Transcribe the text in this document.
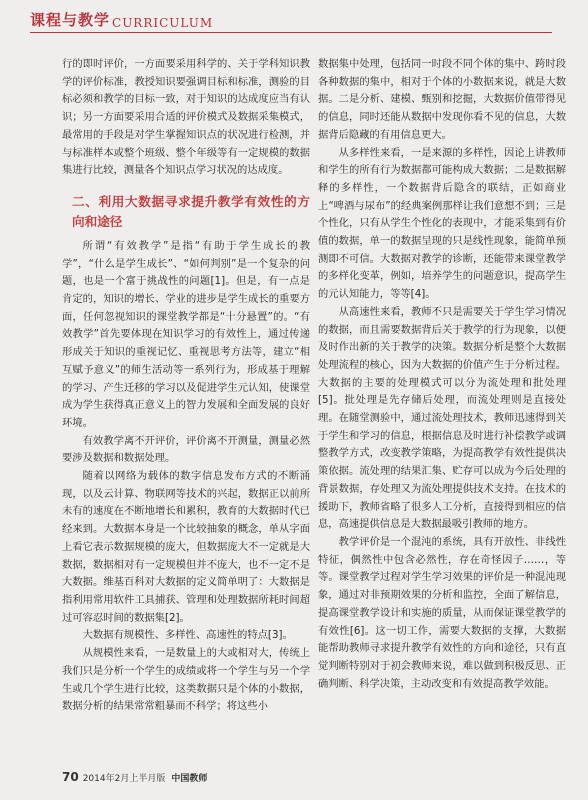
课程与教学 CURRICULUM

行的即时评价，一方面要采用科学的、关于学科知识教学的评价标准，教授知识要强调目标和标准，测验的目标必须和教学的目标一致，对于知识的达成度应当有认识；另一方面要采用合适的评价模式及数据采集模式，最常用的手段是对学生掌握知识点的状况进行检测，并与标准样本或整个班级、整个年级等有一定规模的数据集进行比较，测量各个知识点学习状况的达成度。

二、利用大数据寻求提升教学有效性的方向和途径

所谓“有效教学”是指“有助于学生成长的教学”，“什么是学生成长”、“如何判别”是一个复杂的问题，也是一个富于挑战性的问题[1]。但是，有一点是肯定的，知识的增长、学业的进步是学生成长的重要方面，任何忽视知识的课堂教学都是“十分悬置”的。“有效教学”首先要体现在知识学习的有效性上，通过传递形成关于知识的重视记忆、重视思考方法等，建立“相互赋予意义”的师生活动等一系列行为，形成基于理解的学习、产生迁移的学习以及促进学生元认知，使课堂成为学生获得真正意义上的智力发展和全面发展的良好环境。

有效教学离不开评价，评价离不开测量，测量必然要涉及数据和数据处理。

随着以网络为载体的数字信息发布方式的不断涌现，以及云计算、物联网等技术的兴起，数据正以前所未有的速度在不断地增长和累积，教育的大数据时代已经来到。大数据本身是一个比较抽象的概念，单从字面上看它表示数据规模的庞大，但数据庞大不一定就是大数据，数据相对有一定规模但并不庞大，也不一定不是大数据。维基百科对大数据的定义简单明了：大数据是指利用常用软件工具捕获、管理和处理数据所耗时间超过可容忍时间的数据集[2]。

大数据有规模性、多样性、高速性的特点[3]。

从规模性来看，一是数量上的大或相对大，传统上我们只是分析一个学生的成绩或将一个学生与另一个学生或几个学生进行比较，这类数据只是个体的小数据，数据分析的结果常常粗暴而不科学；将这些小

数据集中处理，包括同一时段不同个体的集中、跨时段各种数据的集中，相对于个体的小数据来说，就是大数据。二是分析、建模、甄别和挖掘，大数据价值带得见的信息，同时还能从数据中发现你看不见的信息，大数据背后隐藏的有用信息更大。

从多样性来看，一是来源的多样性，因论上讲教师和学生的所有行为数据都可能构成大数据；二是数据解释的多样性，一个数据背后隐含的联结，正如商业上“啤酒与尿布”的经典案例那样让我们意想不到；三是个性化，只有从学生个性化的表现中，才能采集到有价值的数据，单一的数据呈现的只是线性现象，能简单预测即不可信。大数据对教学的诊断，还能带来课堂教学的多样化变革，例如，培养学生的问题意识，提高学生的元认知能力，等等[4]。

从高速性来看，教师不只是需要关于学生学习情况的数据，而且需要数据背后关于教学的行为现象，以便及时作出新的关于教学的决策。数据分析是整个大数据处理流程的核心，因为大数据的价值产生于分析过程。大数据的主要的处理模式可以分为流处理和批处理[5]。批处理是先存储后处理，而流处理则是直接处理。在随堂测验中，通过流处理技术，教师迅速得到关于学生和学习的信息，根据信息及时进行补偿教学或调整教学方式，改变教学策略，为提高教学有效性提供决策依据。流处理的结果汇集、贮存可以成为今后处理的背景数据，存处理又为流处理提供技术支持。在技术的援助下，教师省略了很多人工分析，直接得到相应的信息，高速提供信息是大数据最吸引教师的地方。

教学评价是一个混沌的系统，具有开放性、非线性特征，偶然性中包含必然性，存在奇怪因子……，等等。课堂教学过程对学生学习效果的评价是一种混沌现象，通过对非预期效果的分析和监控，全面了解信息，提高课堂教学设计和实施的质量，从而保证课堂教学的有效性[6]。这一切工作，需要大数据的支撑，大数据能帮助教师寻求提升教学有效性的方向和途径，只有直觉判断特别对于初会教师来说，难以做到积极反思、正确判断、科学决策，主动改变和有效提高教学效能。

70 2014年2月上半月版 中国教师
